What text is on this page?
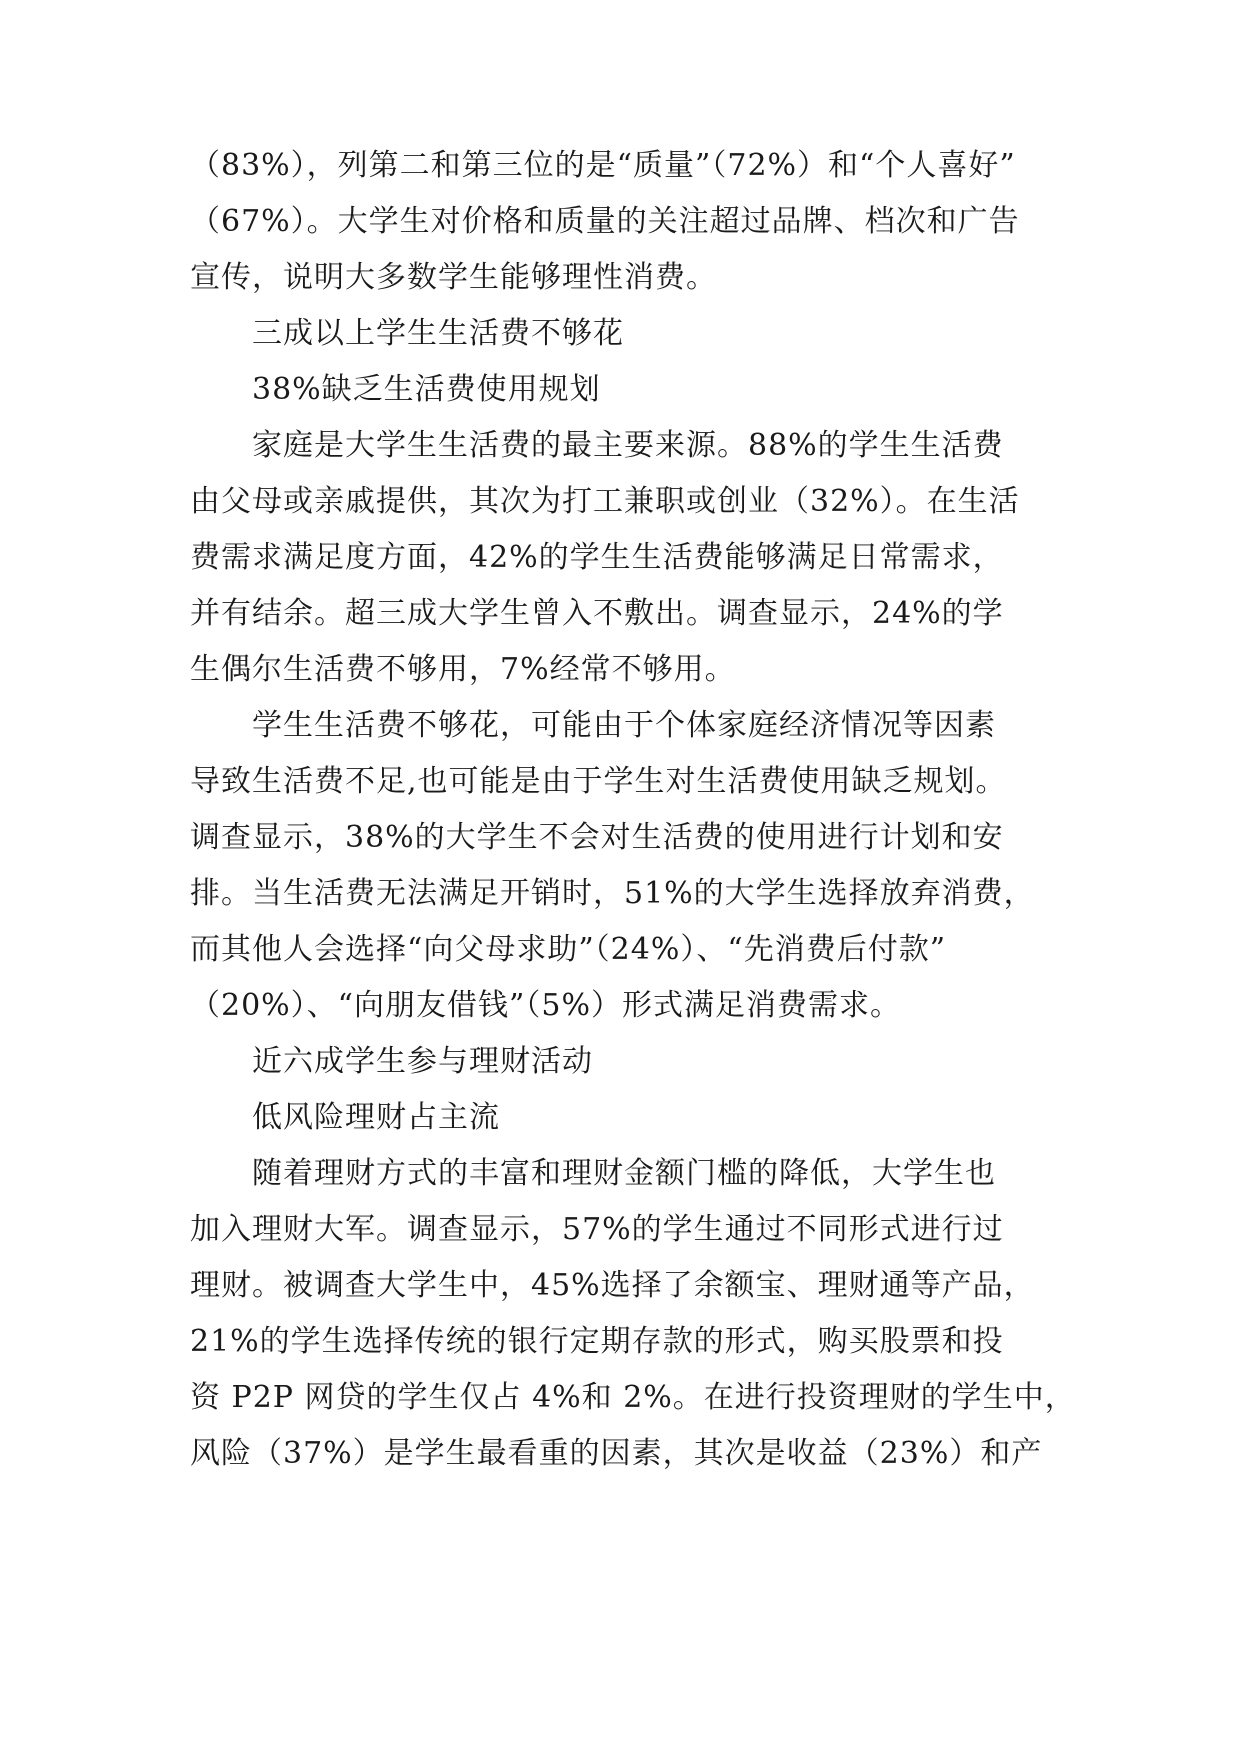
（83%），列第二和第三位的是“质量”（72%）和“个人喜好”
（67%）。大学生对价格和质量的关注超过品牌、档次和广告
宣传，说明大多数学生能够理性消费。
三成以上学生生活费不够花
38%缺乏生活费使用规划
家庭是大学生生活费的最主要来源。88%的学生生活费
由父母或亲戚提供，其次为打工兼职或创业（32%）。在生活
费需求满足度方面，42%的学生生活费能够满足日常需求，
并有结余。超三成大学生曾入不敷出。调查显示，24%的学
生偶尔生活费不够用，7%经常不够用。
学生生活费不够花，可能由于个体家庭经济情况等因素
导致生活费不足,也可能是由于学生对生活费使用缺乏规划。
调查显示，38%的大学生不会对生活费的使用进行计划和安
排。当生活费无法满足开销时，51%的大学生选择放弃消费，
而其他人会选择“向父母求助”（24%）、“先消费后付款”
（20%）、“向朋友借钱”（5%）形式满足消费需求。
近六成学生参与理财活动
低风险理财占主流
随着理财方式的丰富和理财金额门槛的降低，大学生也
加入理财大军。调查显示，57%的学生通过不同形式进行过
理财。被调查大学生中，45%选择了余额宝、理财通等产品，
21%的学生选择传统的银行定期存款的形式，购买股票和投
资 P2P 网贷的学生仅占 4%和 2%。在进行投资理财的学生中，
风险（37%）是学生最看重的因素，其次是收益（23%）和产
